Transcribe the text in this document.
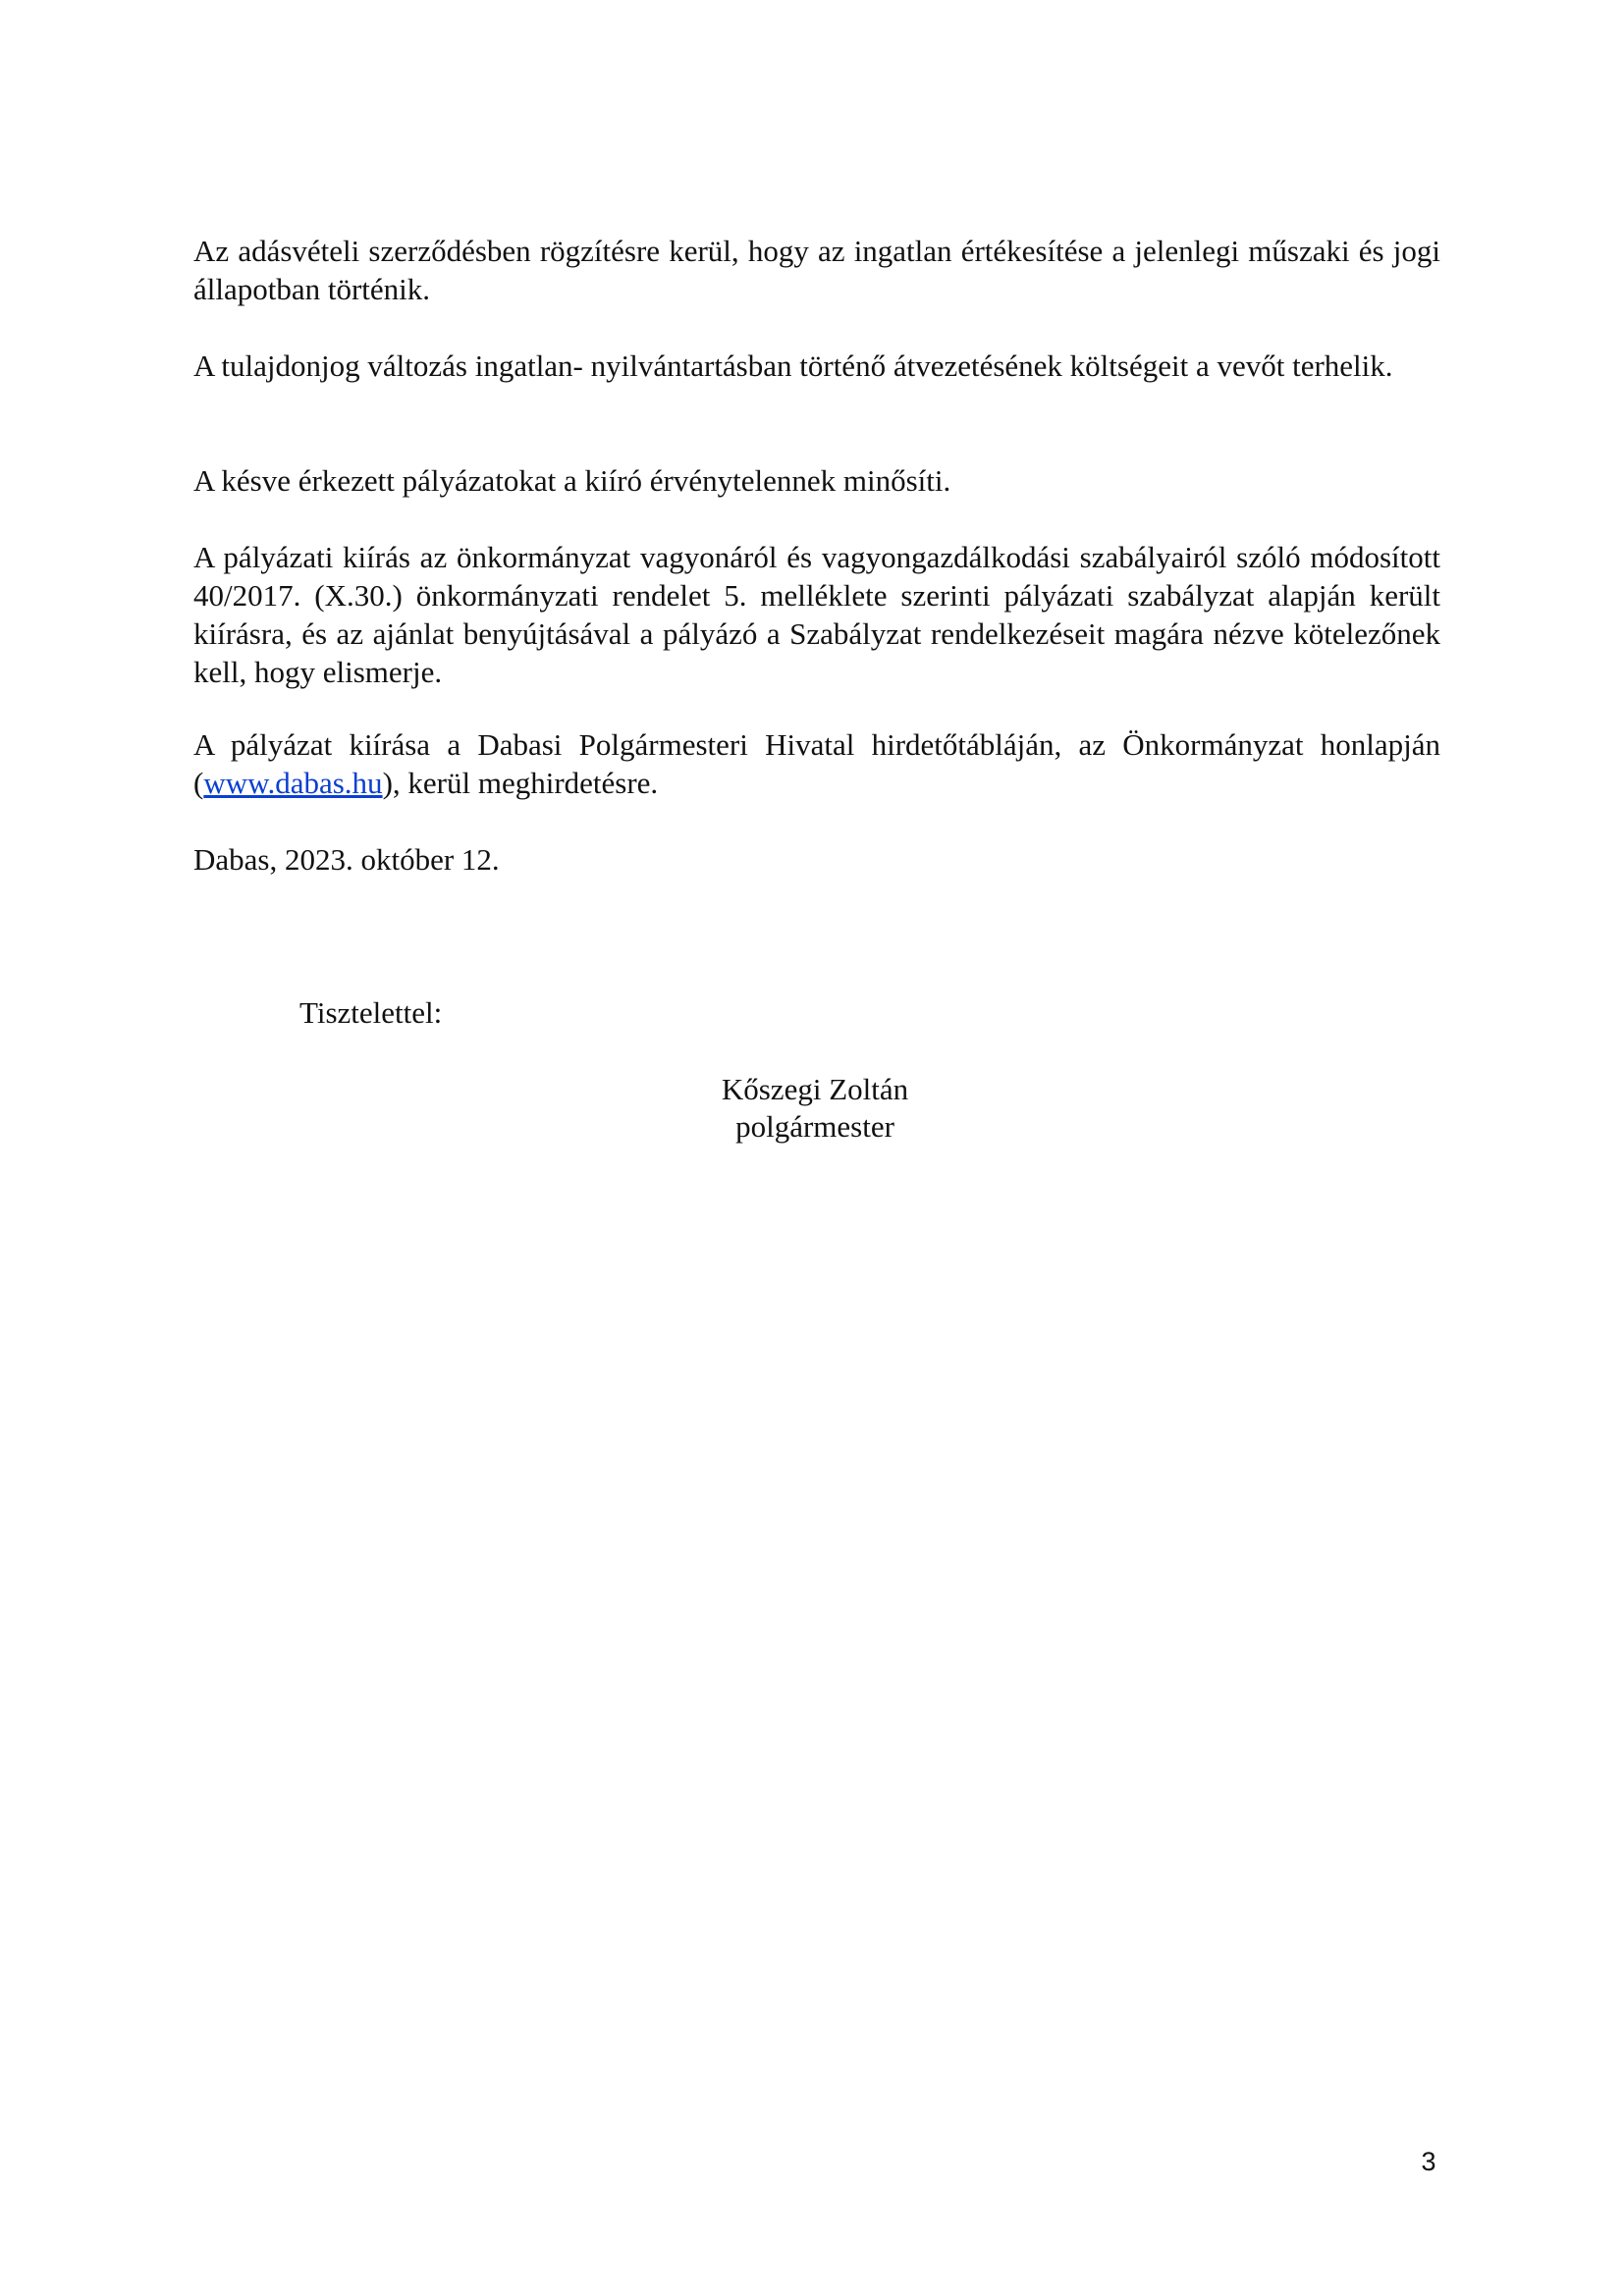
Az adásvételi szerződésben rögzítésre kerül, hogy az ingatlan értékesítése a jelenlegi műszaki és jogi állapotban történik.

A tulajdonjog változás ingatlan- nyilvántartásban történő átvezetésének költségeit a vevőt terhelik.

A késve érkezett pályázatokat a kiíró érvénytelennek minősíti.

A pályázati kiírás az önkormányzat vagyonáról és vagyongazdálkodási szabályairól szóló módosított 40/2017. (X.30.) önkormányzati rendelet 5. melléklete szerinti pályázati szabályzat alapján került kiírásra, és az ajánlat benyújtásával a pályázó a Szabályzat rendelkezéseit magára nézve kötelezőnek kell, hogy elismerje.

A pályázat kiírása a Dabasi Polgármesteri Hivatal hirdetőtábláján, az Önkormányzat honlapján (www.dabas.hu), kerül meghirdetésre.

Dabas, 2023. október 12.

Tisztelettel:
Kőszegi Zoltán
polgármester
3
